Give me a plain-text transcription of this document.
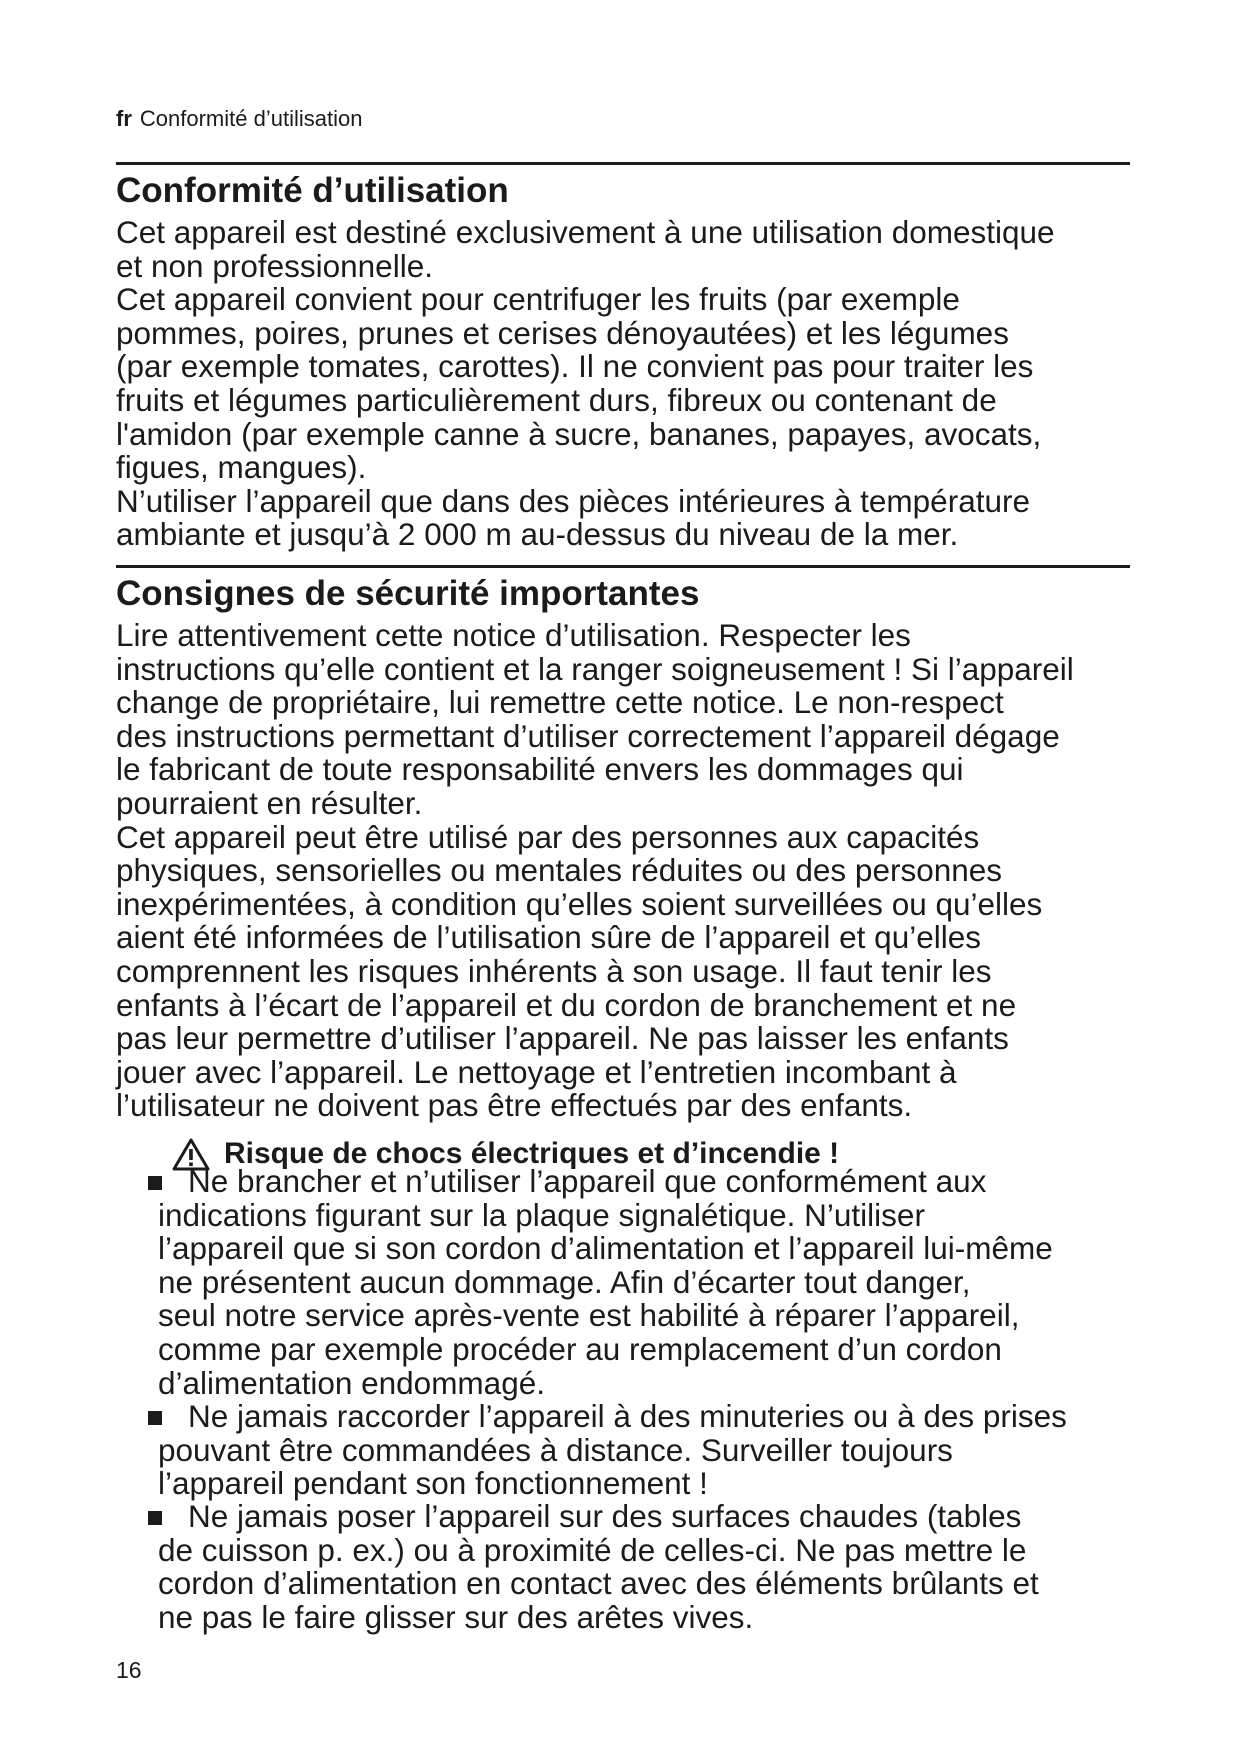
fr Conformité d’utilisation
Conformité d’utilisation
Cet appareil est destiné exclusivement à une utilisation domestique
et non professionnelle.
Cet appareil convient pour centrifuger les fruits (par exemple
pommes, poires, prunes et cerises dénoyautées) et les légumes
(par exemple tomates, carottes). Il ne convient pas pour traiter les
fruits et légumes particulièrement durs, fibreux ou contenant de
l'amidon (par exemple canne à sucre, bananes, papayes, avocats,
figues, mangues).
N’utiliser l’appareil que dans des pièces intérieures à température
ambiante et jusqu’à 2 000 m au-dessus du niveau de la mer.
Consignes de sécurité importantes
Lire attentivement cette notice d’utilisation. Respecter les
instructions qu’elle contient et la ranger soigneusement ! Si l’appareil
change de propriétaire, lui remettre cette notice. Le non-respect
des instructions permettant d’utiliser correctement l’appareil dégage
le fabricant de toute responsabilité envers les dommages qui
pourraient en résulter.
Cet appareil peut être utilisé par des personnes aux capacités
physiques, sensorielles ou mentales réduites ou des personnes
inexpérimentées, à condition qu’elles soient surveillées ou qu’elles
aient été informées de l’utilisation sûre de l’appareil et qu’elles
comprennent les risques inhérents à son usage. Il faut tenir les
enfants à l’écart de l’appareil et du cordon de branchement et ne
pas leur permettre d’utiliser l’appareil. Ne pas laisser les enfants
jouer avec l’appareil. Le nettoyage et l’entretien incombant à
l’utilisateur ne doivent pas être effectués par des enfants.
Risque de chocs électriques et d’incendie !
Ne brancher et n’utiliser l’appareil que conformément aux
indications figurant sur la plaque signalétique. N’utiliser
l’appareil que si son cordon d’alimentation et l’appareil lui-même
ne présentent aucun dommage. Afin d’écarter tout danger,
seul notre service après-vente est habilité à réparer l’appareil,
comme par exemple procéder au remplacement d’un cordon
d’alimentation endommagé.
Ne jamais raccorder l’appareil à des minuteries ou à des prises
pouvant être commandées à distance. Surveiller toujours
l’appareil pendant son fonctionnement !
Ne jamais poser l’appareil sur des surfaces chaudes (tables
de cuisson p. ex.) ou à proximité de celles-ci. Ne pas mettre le
cordon d’alimentation en contact avec des éléments brûlants et
ne pas le faire glisser sur des arêtes vives.
16
